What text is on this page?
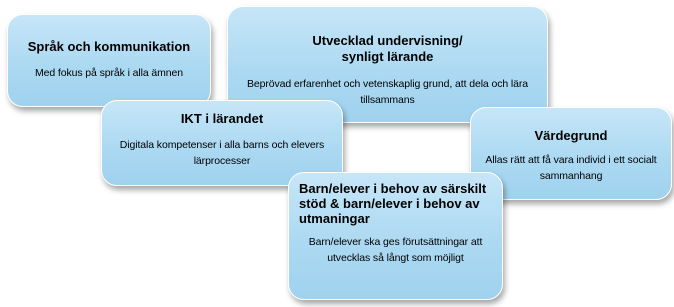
Utvecklad undervisning/ synligt lärande

Beprövad erfarenhet och vetenskaplig grund, att dela och lära tillsammans

Språk och kommunikation

Med fokus på språk i alla ämnen

Värdegrund

Allas rätt att få vara individ i ett socialt sammanhang

IKT i lärandet

Digitala kompetenser i alla barns och elevers lärprocesser

Barn/elever i behov av särskilt stöd & barn/elever i behov av utmaningar

Barn/elever ska ges förutsättningar att utvecklas så långt som möjligt
